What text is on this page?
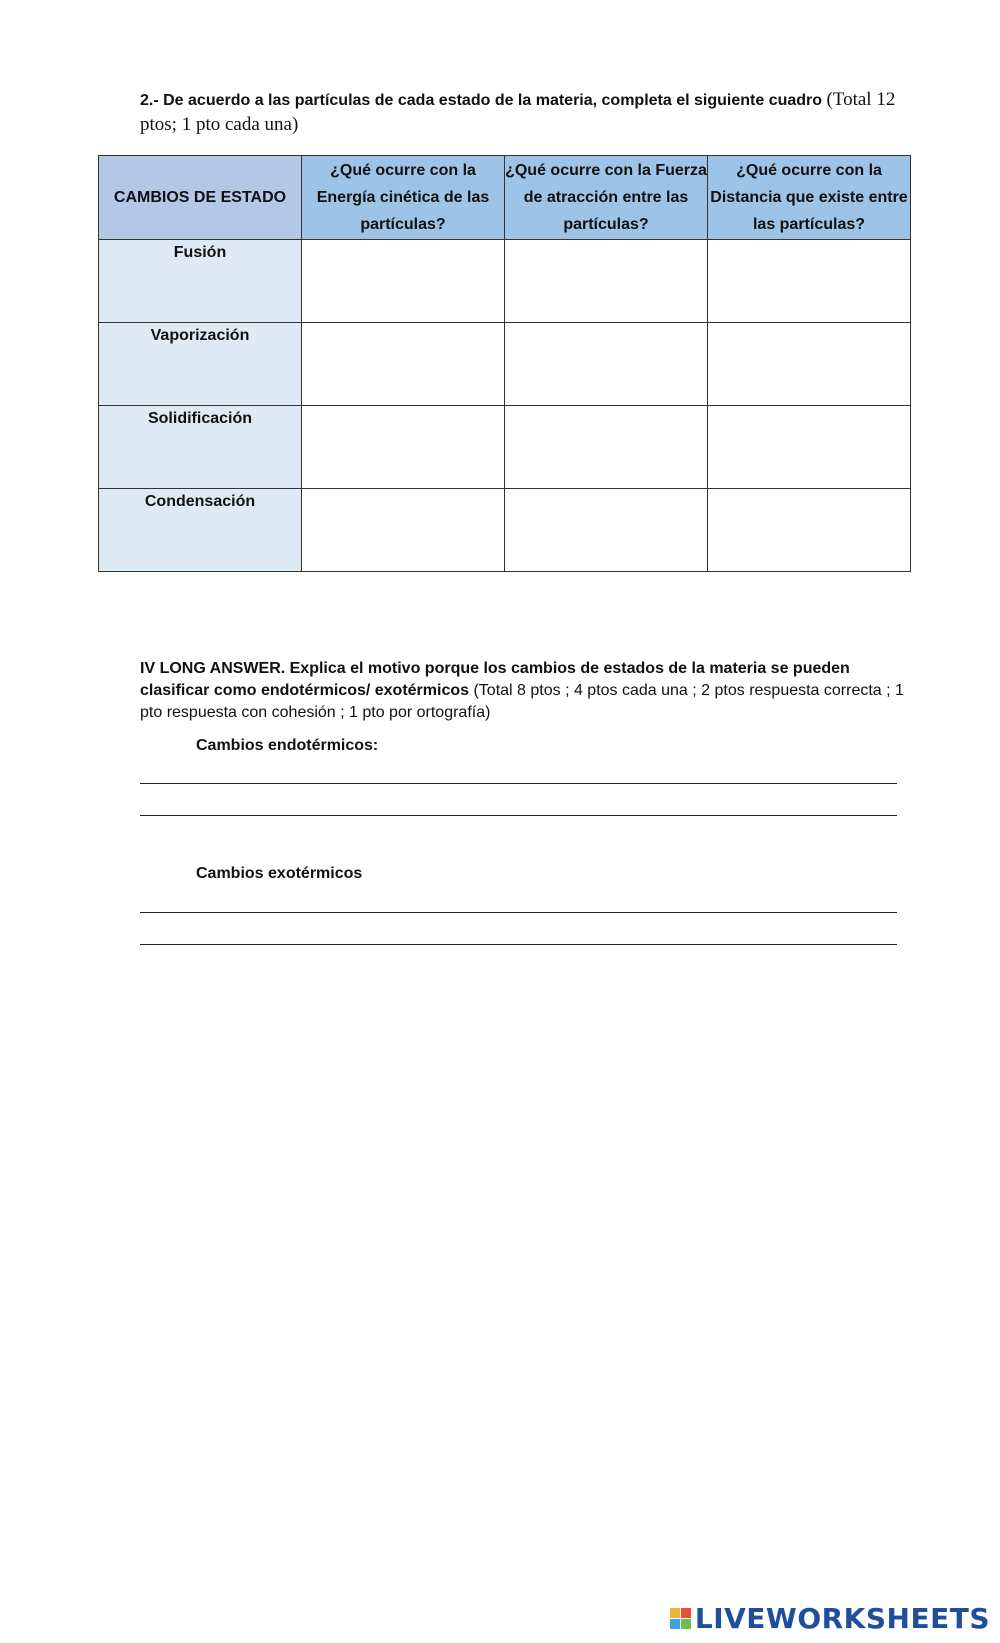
2.- De acuerdo a las partículas de cada estado de la materia, completa el siguiente cuadro (Total 12 ptos; 1 pto cada una)
CAMBIOS DE ESTADO	¿Qué ocurre con la Energía cinética de las partículas?	¿Qué ocurre con la Fuerza de atracción entre las partículas?	¿Qué ocurre con la Distancia que existe entre las partículas?
Fusión			
Vaporización			
Solidificación			
Condensación			
IV LONG ANSWER. Explica el motivo porque los cambios de estados de la materia se pueden clasificar como endotérmicos/ exotérmicos (Total 8 ptos ; 4 ptos cada una ; 2 ptos respuesta correcta ; 1 pto respuesta con cohesión ; 1 pto por ortografía)
Cambios endotérmicos:
Cambios exotérmicos
LIVEWORKSHEETS
